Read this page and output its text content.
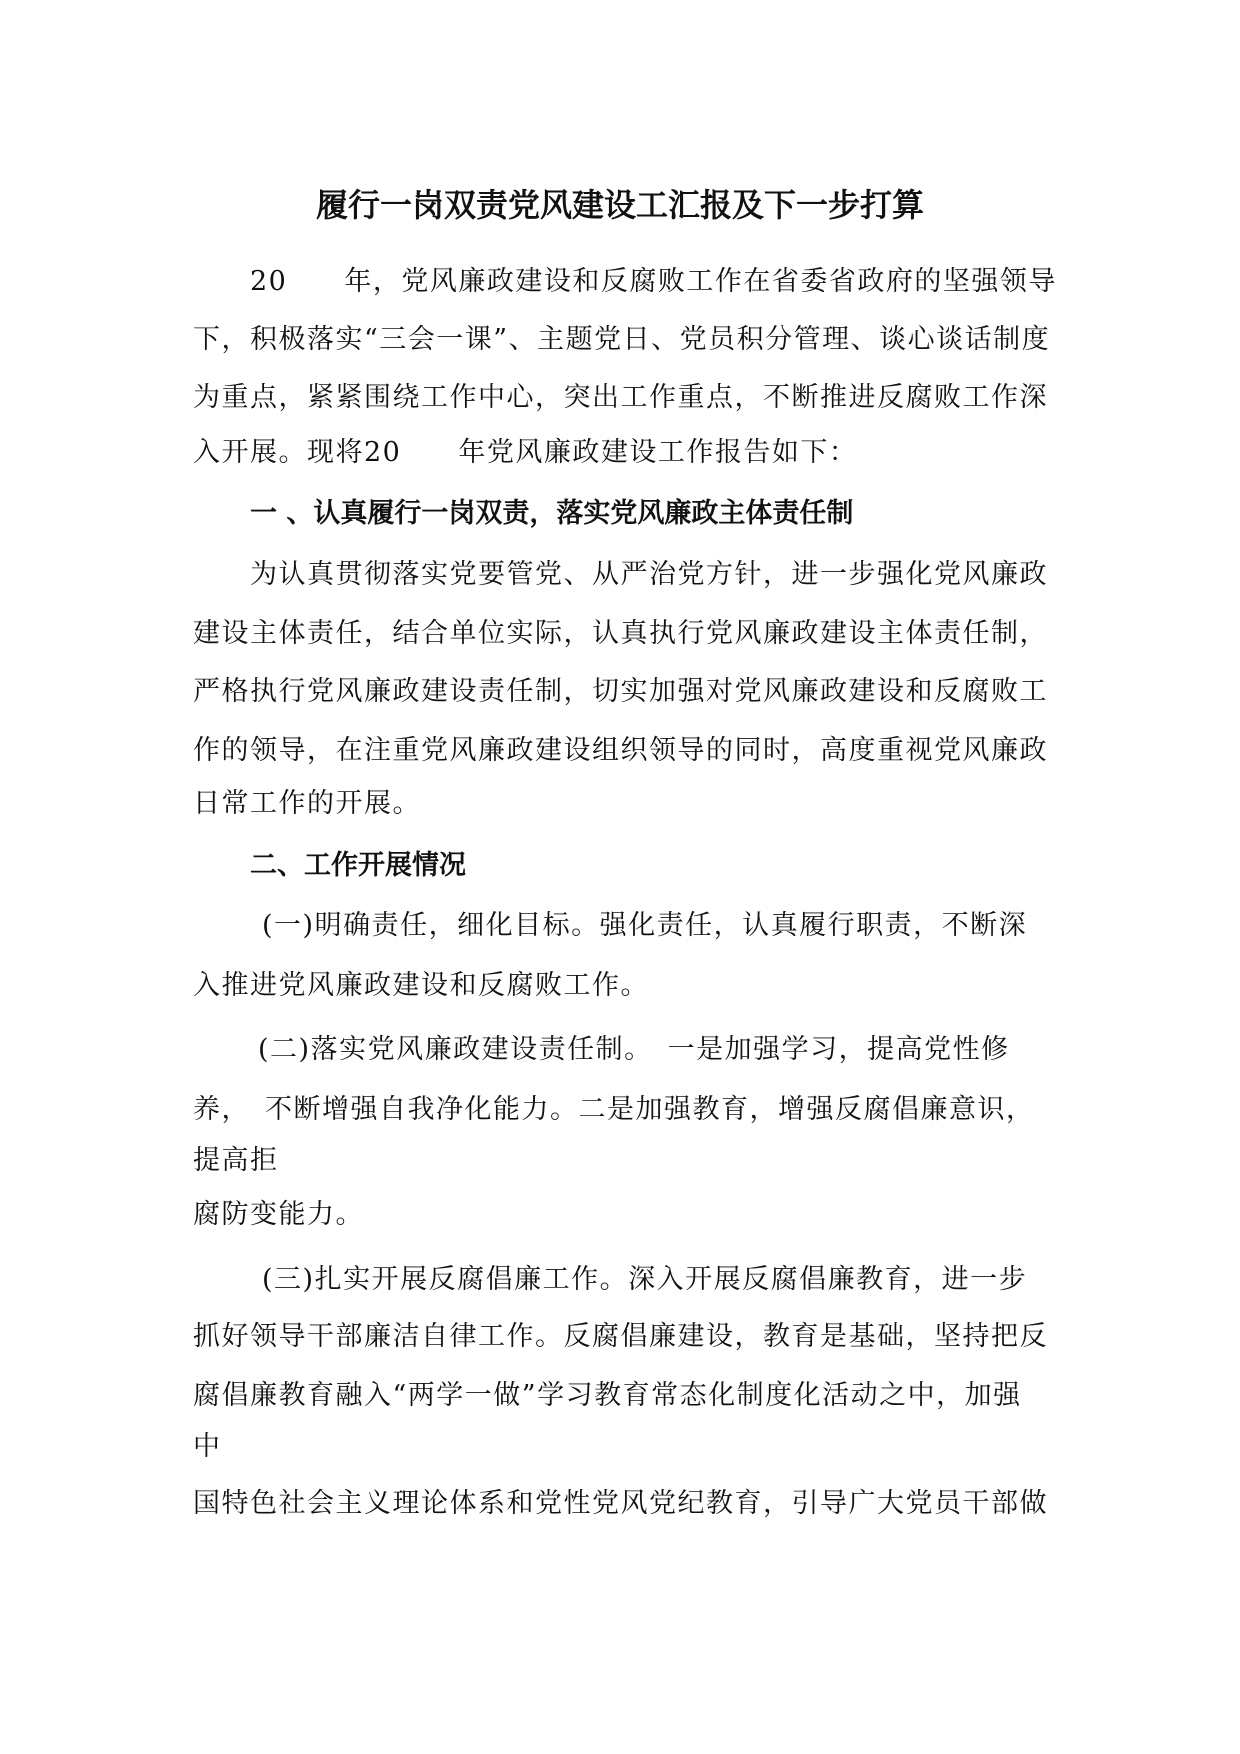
履行一岗双责党风建设工汇报及下一步打算
20　　年，党风廉政建设和反腐败工作在省委省政府的坚强领导
下，积极落实“三会一课”、主题党日、党员积分管理、谈心谈话制度
为重点，紧紧围绕工作中心，突出工作重点，不断推进反腐败工作深
入开展。现将20　　年党风廉政建设工作报告如下：
一 、认真履行一岗双责，落实党风廉政主体责任制
为认真贯彻落实党要管党、从严治党方针，进一步强化党风廉政
建设主体责任，结合单位实际，认真执行党风廉政建设主体责任制，
严格执行党风廉政建设责任制，切实加强对党风廉政建设和反腐败工
作的领导，在注重党风廉政建设组织领导的同时，高度重视党风廉政
日常工作的开展。
二、工作开展情况
(一)明确责任，细化目标。强化责任，认真履行职责，不断深
入推进党风廉政建设和反腐败工作。
(二)落实党风廉政建设责任制。　一是加强学习，提高党性修
养，　不断增强自我净化能力。二是加强教育，增强反腐倡廉意识，
提高拒
腐防变能力。
(三)扎实开展反腐倡廉工作。深入开展反腐倡廉教育，进一步
抓好领导干部廉洁自律工作。反腐倡廉建设，教育是基础，坚持把反
腐倡廉教育融入“两学一做”学习教育常态化制度化活动之中，加强
中
国特色社会主义理论体系和党性党风党纪教育，引导广大党员干部做
